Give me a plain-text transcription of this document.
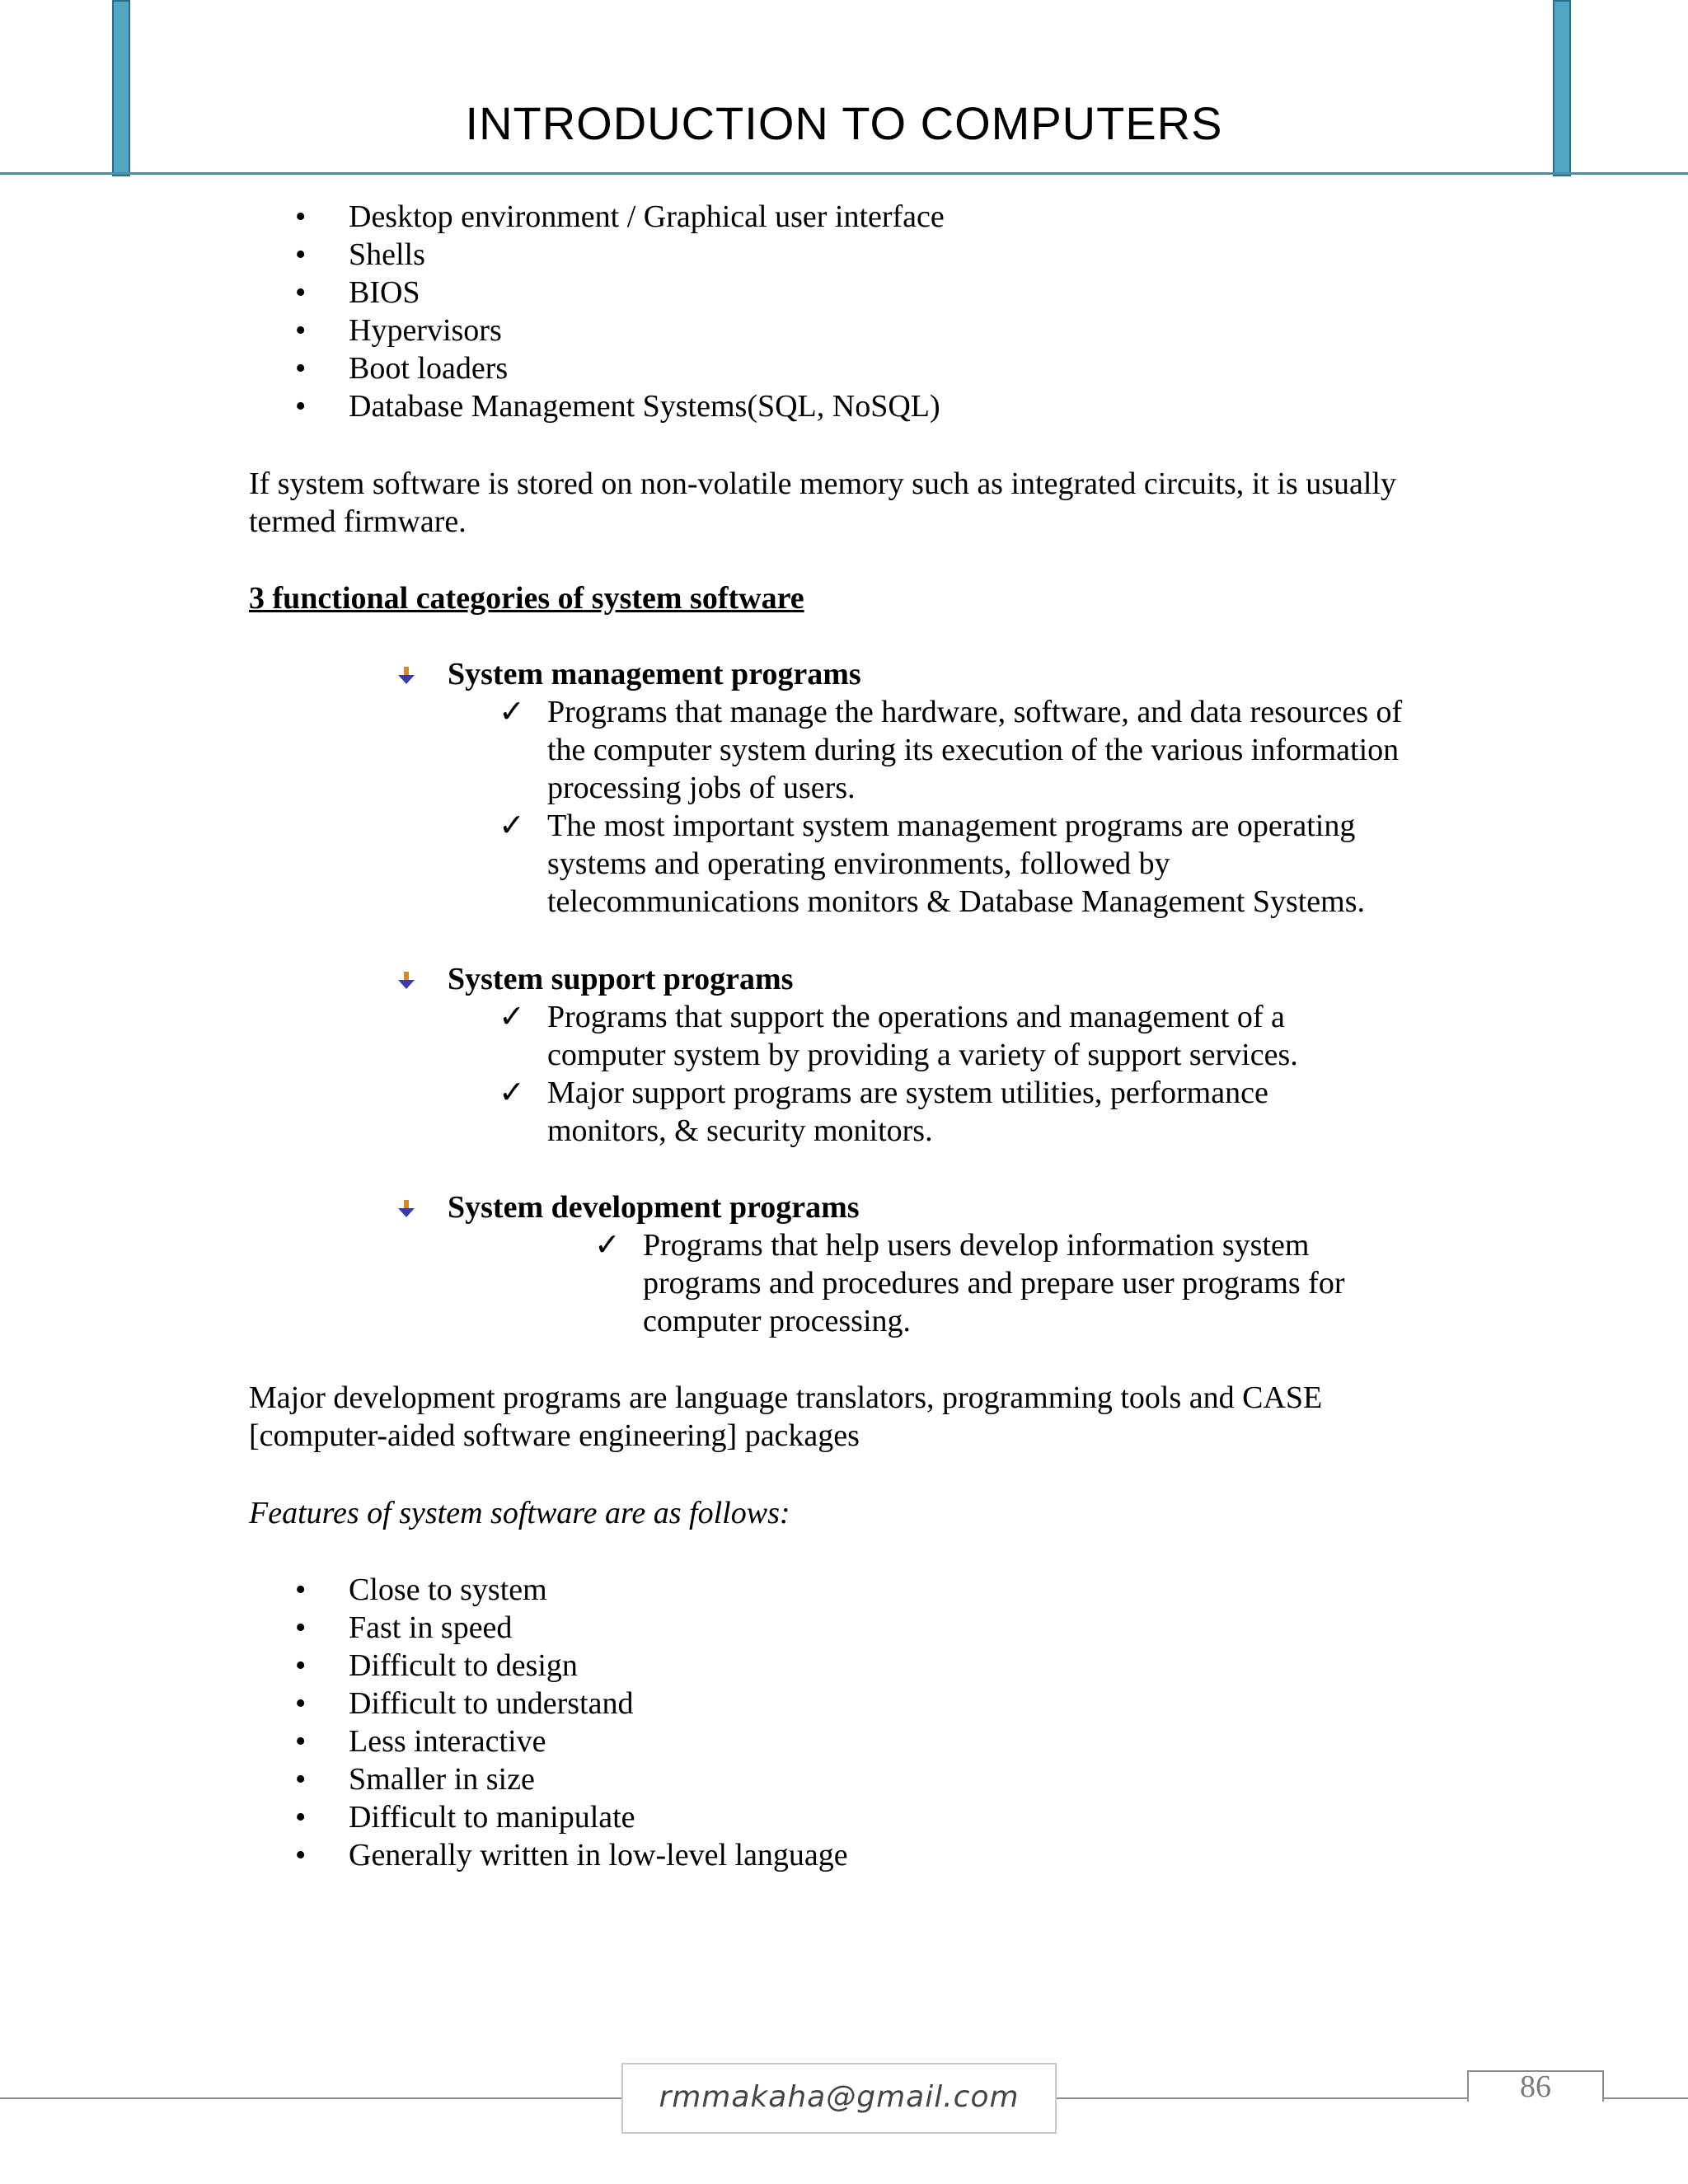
INTRODUCTION TO COMPUTERS
• Desktop environment / Graphical user interface
• Shells
• BIOS
• Hypervisors
• Boot loaders
• Database Management Systems(SQL, NoSQL)

If system software is stored on non-volatile memory such as integrated circuits, it is usually termed firmware.

3 functional categories of system software
System management programs
✓ Programs that manage the hardware, software, and data resources of the computer system during its execution of the various information processing jobs of users.
✓ The most important system management programs are operating systems and operating environments, followed by telecommunications monitors & Database Management Systems.
System support programs
✓ Programs that support the operations and management of a computer system by providing a variety of support services.
✓ Major support programs are system utilities, performance monitors, & security monitors.
System development programs
✓ Programs that help users develop information system programs and procedures and prepare user programs for computer processing.

Major development programs are language translators, programming tools and CASE [computer-aided software engineering] packages

Features of system software are as follows:

• Close to system
• Fast in speed
• Difficult to design
• Difficult to understand
• Less interactive
• Smaller in size
• Difficult to manipulate
• Generally written in low-level language
rmmakaha@gmail.com	86
